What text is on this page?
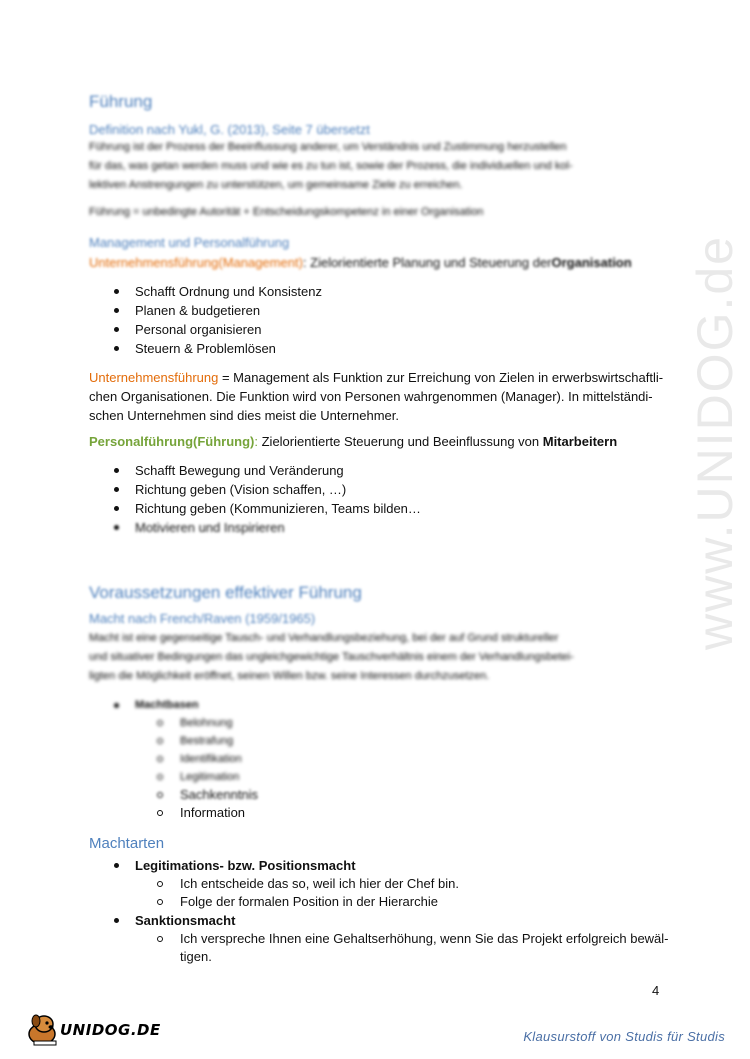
www.UNIDOG.de
Führung
Definition nach Yukl, G. (2013), Seite 7 übersetzt
Führung ist der Prozess der Beeinflussung anderer, um Verständnis und Zustimmung herzustellen
für das, was getan werden muss und wie es zu tun ist, sowie der Prozess, die individuellen und kol-
lektiven Anstrengungen zu unterstützen, um gemeinsame Ziele zu erreichen.
Führung = unbedingte Autorität + Entscheidungskompetenz in einer Organisation
Management und Personalführung
Unternehmensführung(Management): Zielorientierte Planung und Steuerung derOrganisation
Schafft Ordnung und Konsistenz
Planen & budgetieren
Personal organisieren
Steuern & Problemlösen
Unternehmensführung = Management als Funktion zur Erreichung von Zielen in erwerbswirtschaftli-
chen Organisationen. Die Funktion wird von Personen wahrgenommen (Manager). In mittelständi-
schen Unternehmen sind dies meist die Unternehmer.
Personalführung(Führung): Zielorientierte Steuerung und Beeinflussung von Mitarbeitern
Schafft Bewegung und Veränderung
Richtung geben (Vision schaffen, …)
Richtung geben (Kommunizieren, Teams bilden…
Motivieren und Inspirieren
Voraussetzungen effektiver Führung
Macht nach French/Raven (1959/1965)
Macht ist eine gegenseitige Tausch- und Verhandlungsbeziehung, bei der auf Grund struktureller
und situativer Bedingungen das ungleichgewichtige Tauschverhältnis einem der Verhandlungsbetei-
ligten die Möglichkeit eröffnet, seinen Willen bzw. seine Interessen durchzusetzen.
Machtbasen
Belohnung
Bestrafung
Identifikation
Legitimation
Sachkenntnis
Information
Machtarten
Legitimations- bzw. Positionsmacht
Ich entscheide das so, weil ich hier der Chef bin.
Folge der formalen Position in der Hierarchie
Sanktionsmacht
Ich verspreche Ihnen eine Gehaltserhöhung, wenn Sie das Projekt erfolgreich bewäl-
tigen.
4
UNIDOG.DE	Klausurstoff von Studis für Studis
